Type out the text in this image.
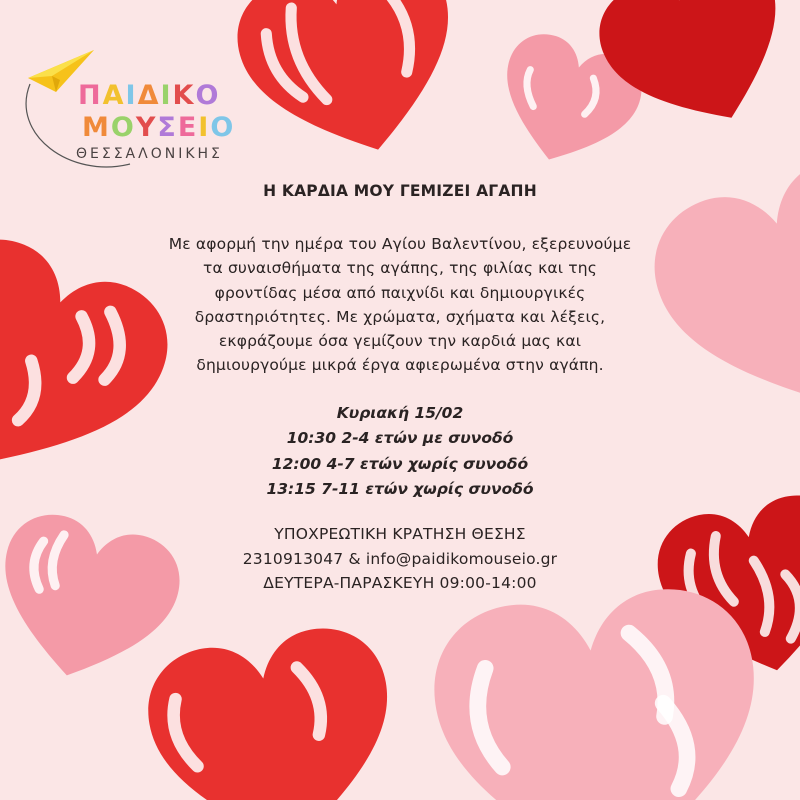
ΠΑΙΔΙΚΟ
ΜΟΥΣΕΙΟ
ΘΕΣΣΑΛΟΝΙΚΗΣ
Η ΚΑΡΔΙΑ ΜΟΥ ΓΕΜΙΖΕΙ ΑΓΑΠΗ
Με αφορμή την ημέρα του Αγίου Βαλεντίνου, εξερευνούμε
τα συναισθήματα της αγάπης, της φιλίας και της
φροντίδας μέσα από παιχνίδι και δημιουργικές
δραστηριότητες. Με χρώματα, σχήματα και λέξεις,
εκφράζουμε όσα γεμίζουν την καρδιά μας και
δημιουργούμε μικρά έργα αφιερωμένα στην αγάπη.
Κυριακή 15/02
10:30 2-4 ετών με συνοδό
12:00 4-7 ετών χωρίς συνοδό
13:15 7-11 ετών χωρίς συνοδό
ΥΠΟΧΡΕΩΤΙΚΗ ΚΡΑΤΗΣΗ ΘΕΣΗΣ
2310913047 & info@paidikomouseio.gr
ΔΕΥΤΕΡΑ-ΠΑΡΑΣΚΕΥΗ 09:00-14:00
